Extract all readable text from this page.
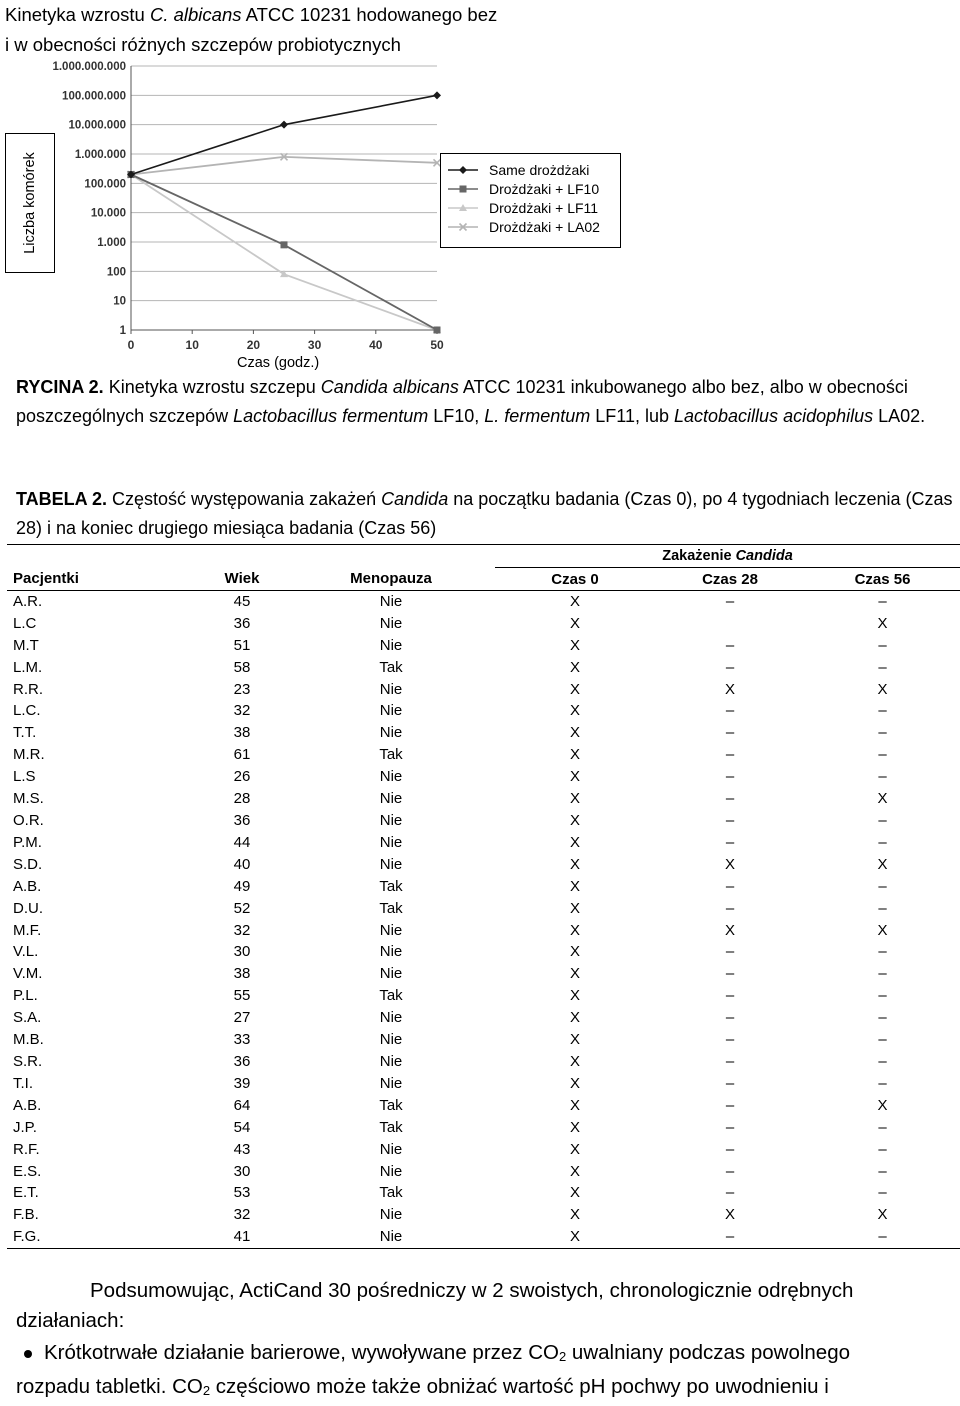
Kinetyka wzrostu C. albicans ATCC 10231 hodowanego bez
i w obecności różnych szczepów probiotycznych
Liczba komórek
1
10
100
1.000
10.000
100.000
1.000.000
10.000.000
100.000.000
1.000.000.000
0	10	20	30	40	50
Same drożdżaki
Drożdżaki + LF10
Drożdżaki + LF11
Drożdżaki + LA02
Czas (godz.)
RYCINA 2. Kinetyka wzrostu szczepu Candida albicans ATCC 10231 inkubowanego albo bez, albo w obecności poszczególnych szczepów Lactobacillus fermentum LF10, L. fermentum LF11, lub Lactobacillus acidophilus LA02.
TABELA 2. Częstość występowania zakażeń Candida na początku badania (Czas 0), po 4 tygodniach leczenia (Czas 28) i na koniec drugiego miesiąca badania (Czas 56)
			Zakażenie Candida		
Pacjentki	Wiek	Menopauza	Czas 0	Czas 28	Czas 56
A.R.	45	Nie	X	–	–
L.C	36	Nie	X		X
M.T	51	Nie	X	–	–
L.M.	58	Tak	X	–	–
R.R.	23	Nie	X	X	X
L.C.	32	Nie	X	–	–
T.T.	38	Nie	X	–	–
M.R.	61	Tak	X	–	–
L.S	26	Nie	X	–	–
M.S.	28	Nie	X	–	X
O.R.	36	Nie	X	–	–
P.M.	44	Nie	X	–	–
S.D.	40	Nie	X	X	X
A.B.	49	Tak	X	–	–
D.U.	52	Tak	X	–	–
M.F.	32	Nie	X	X	X
V.L.	30	Nie	X	–	–
V.M.	38	Nie	X	–	–
P.L.	55	Tak	X	–	–
S.A.	27	Nie	X	–	–
M.B.	33	Nie	X	–	–
S.R.	36	Nie	X	–	–
T.I.	39	Nie	X	–	–
A.B.	64	Tak	X	–	X
J.P.	54	Tak	X	–	–
R.F.	43	Nie	X	–	–
E.S.	30	Nie	X	–	–
E.T.	53	Tak	X	–	–
F.B.	32	Nie	X	X	X
F.G.	41	Nie	X	–	–
Podsumowując, ActiCand 30 pośredniczy w 2 swoistych, chronologicznie odrębnych
działaniach:
Krótkotrwałe działanie barierowe, wywoływane przez $CO_2$ uwalniany podczas powolnego
rozpadu tabletki. $CO_2$ częściowo może także obniżać wartość pH pochwy po uwodnieniu i
